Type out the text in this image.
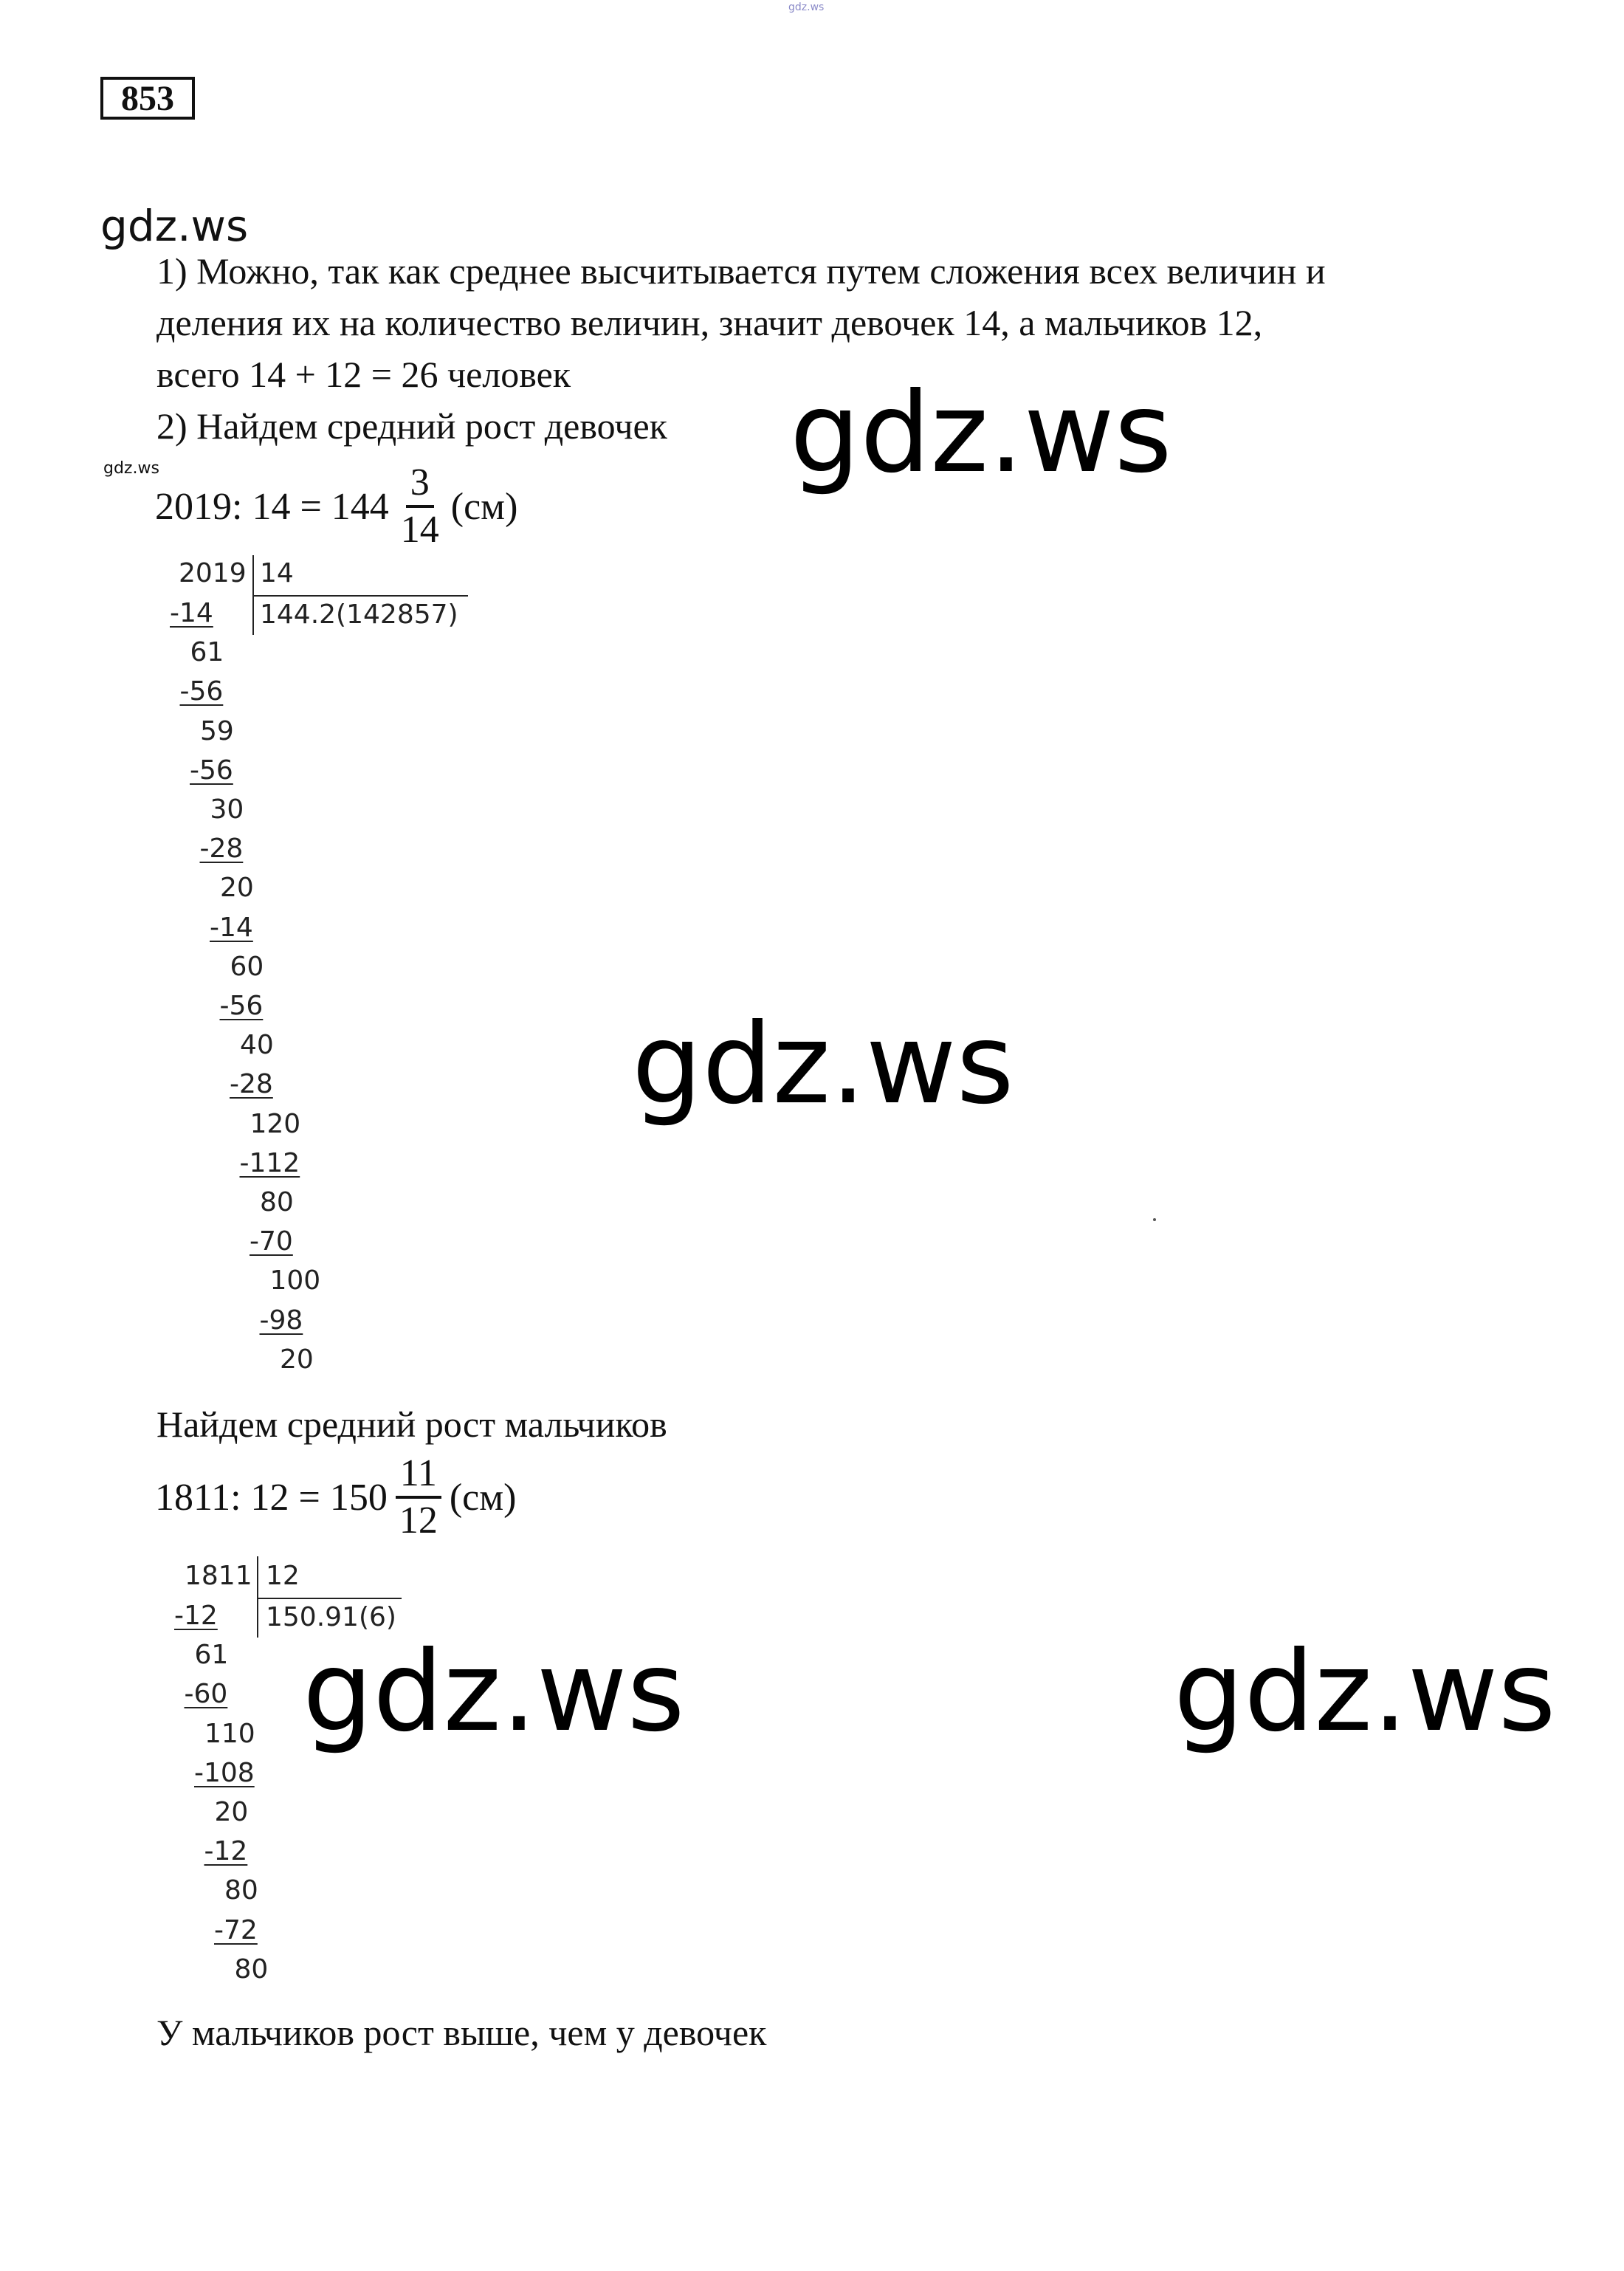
gdz.ws
gdz.ws
gdz.ws	gdz.ws
gdz.ws
gdz.ws	gdz.ws
853
1) Можно, так как среднее высчитывается путем сложения всех величин и
деления их на количество величин, значит девочек 14, а мальчиков 12,
всего 14 + 12 = 26 человек
2) Найдем средний рост девочек
2019: $14 = 144 \frac{3}{14} (см)$
2019 14
144.2(142857)
-14
61
-56
59
-56
30
-28
20
-14
60
-56
40
-28
120
-112
80
-70
100
-98
20
Найдем средний рост мальчиков
1811: $12 = 150 \frac{11}{12} (см)$
1811 12
150.91(6)
-12
61
-60
110
-108
20
-12
80
-72
80
У мальчиков рост выше, чем у девочек
